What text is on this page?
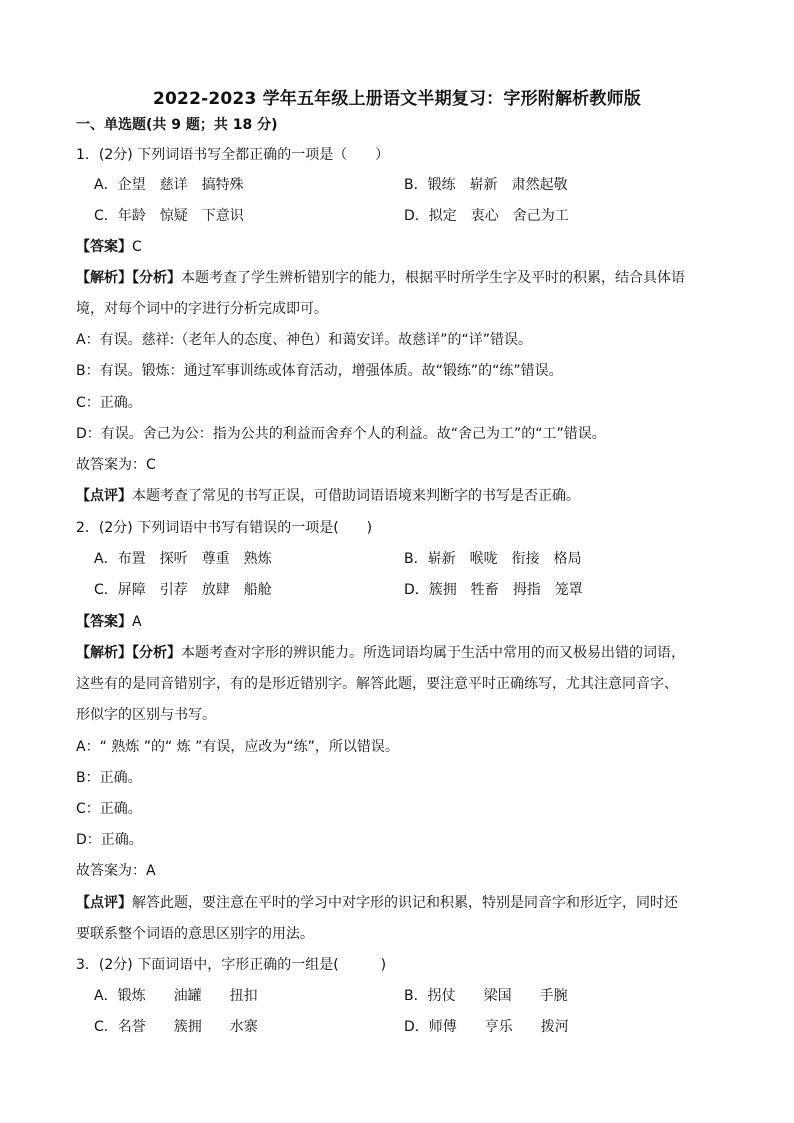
2022-2023 学年五年级上册语文半期复习：字形附解析教师版
一、单选题(共 9 题；共 18 分)
1．(2分) 下列词语书写全都正确的一项是（　　）
A．企望　慈详　搞特殊	B．锻练　崭新　肃然起敬
C．年龄　惊疑　下意识	D．拟定　衷心　舍己为工
【答案】C
【解析】【分析】本题考查了学生辨析错别字的能力，根据平时所学生字及平时的积累，结合具体语
境，对每个词中的字进行分析完成即可。
A：有误。慈祥:（老年人的态度、神色）和蔼安详。故慈详”的“详”错误。
B：有误。锻炼：通过军事训练或体育活动，增强体质。故“锻练”的“练”错误。
C：正确。
D：有误。舍己为公：指为公共的利益而舍弃个人的利益。故“舍己为工”的“工”错误。
故答案为：C
【点评】本题考查了常见的书写正误，可借助词语语境来判断字的书写是否正确。
2．(2分) 下列词语中书写有错误的一项是(　　)
A．布置　探听　尊重　熟炼	B．崭新　喉咙　衔接　格局
C．屏障　引荐　放肆　船舱	D．簇拥　牲畜　拇指　笼罩
【答案】A
【解析】【分析】本题考查对字形的辨识能力。所选词语均属于生活中常用的而又极易出错的词语，
这些有的是同音错别字，有的是形近错别字。解答此题，要注意平时正确练写，尤其注意同音字、
形似字的区别与书写。
A：“ 熟炼 ”的“ 炼 ”有误，应改为“练”，所以错误。
B：正确。
C：正确。
D：正确。
故答案为：A
【点评】解答此题，要注意在平时的学习中对字形的识记和积累，特别是同音字和形近字，同时还
要联系整个词语的意思区别字的用法。
3．(2分) 下面词语中，字形正确的一组是(　　　)
A．锻炼　　油罐　　扭扣	B．拐仗　　梁国　　手腕
C．名誉　　簇拥　　水寨	D．师傅　　亨乐　　拨河
